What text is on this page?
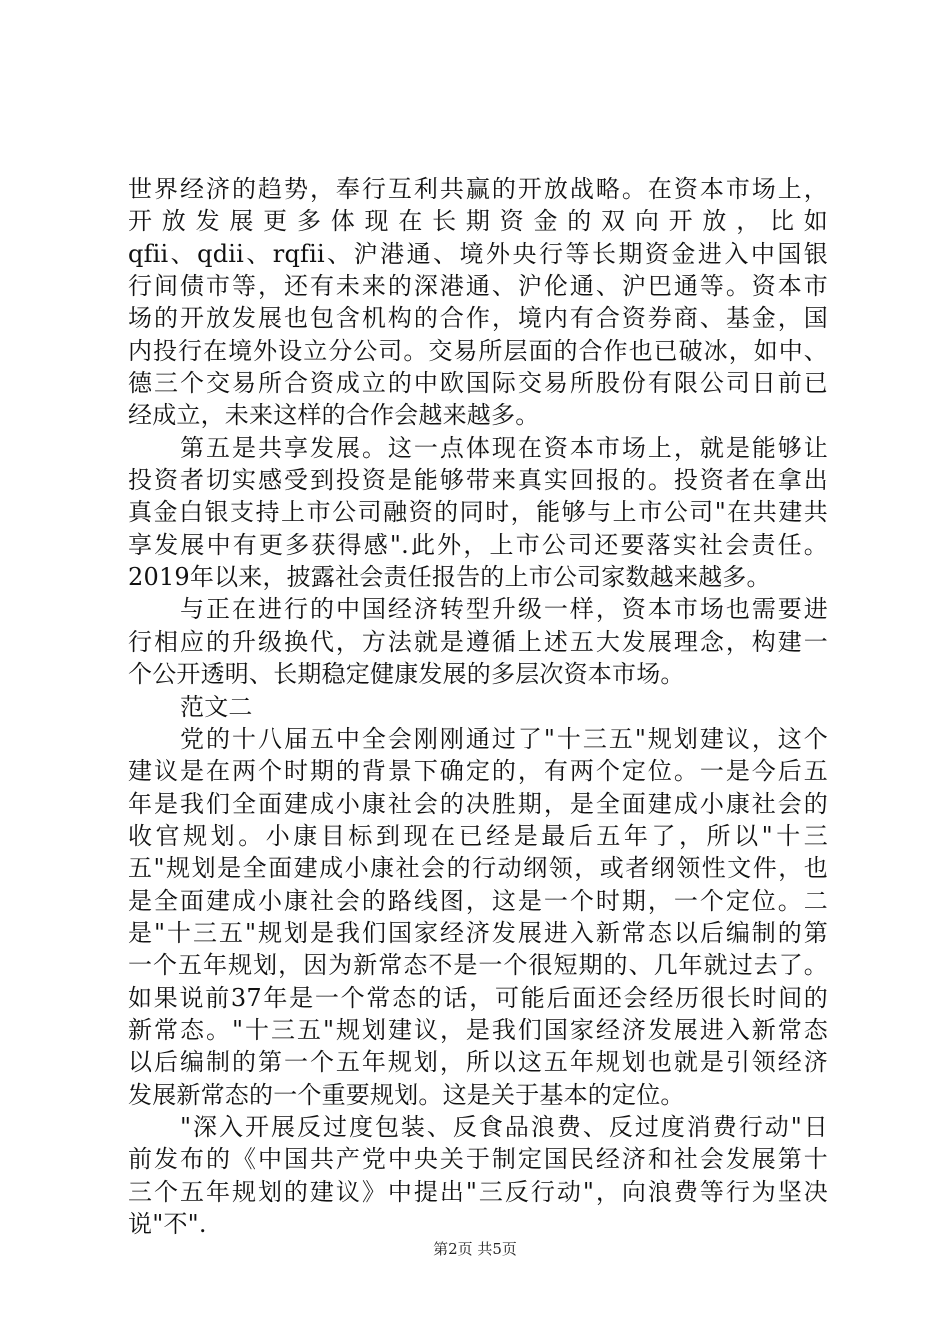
世界经济的趋势，奉行互利共赢的开放战略。在资本市场上，
开放发展更多体现在长期资金的双向开放，比如
qfii、qdii、rqfii、沪港通、境外央行等长期资金进入中国银
行间债市等，还有未来的深港通、沪伦通、沪巴通等。资本市
场的开放发展也包含机构的合作，境内有合资券商、基金，国
内投行在境外设立分公司。交易所层面的合作也已破冰，如中、
德三个交易所合资成立的中欧国际交易所股份有限公司日前已
经成立，未来这样的合作会越来越多。
第五是共享发展。这一点体现在资本市场上，就是能够让
投资者切实感受到投资是能够带来真实回报的。投资者在拿出
真金白银支持上市公司融资的同时，能够与上市公司"在共建共
享发展中有更多获得感".此外，上市公司还要落实社会责任。
2019年以来，披露社会责任报告的上市公司家数越来越多。
与正在进行的中国经济转型升级一样，资本市场也需要进
行相应的升级换代，方法就是遵循上述五大发展理念，构建一
个公开透明、长期稳定健康发展的多层次资本市场。
范文二
党的十八届五中全会刚刚通过了"十三五"规划建议，这个
建议是在两个时期的背景下确定的，有两个定位。一是今后五
年是我们全面建成小康社会的决胜期，是全面建成小康社会的
收官规划。小康目标到现在已经是最后五年了，所以"十三
五"规划是全面建成小康社会的行动纲领，或者纲领性文件，也
是全面建成小康社会的路线图，这是一个时期，一个定位。二
是"十三五"规划是我们国家经济发展进入新常态以后编制的第
一个五年规划，因为新常态不是一个很短期的、几年就过去了。
如果说前37年是一个常态的话，可能后面还会经历很长时间的
新常态。"十三五"规划建议，是我们国家经济发展进入新常态
以后编制的第一个五年规划，所以这五年规划也就是引领经济
发展新常态的一个重要规划。这是关于基本的定位。
"深入开展反过度包装、反食品浪费、反过度消费行动"日
前发布的《中国共产党中央关于制定国民经济和社会发展第十
三个五年规划的建议》中提出"三反行动"，向浪费等行为坚决
说"不".
第2页 共5页
